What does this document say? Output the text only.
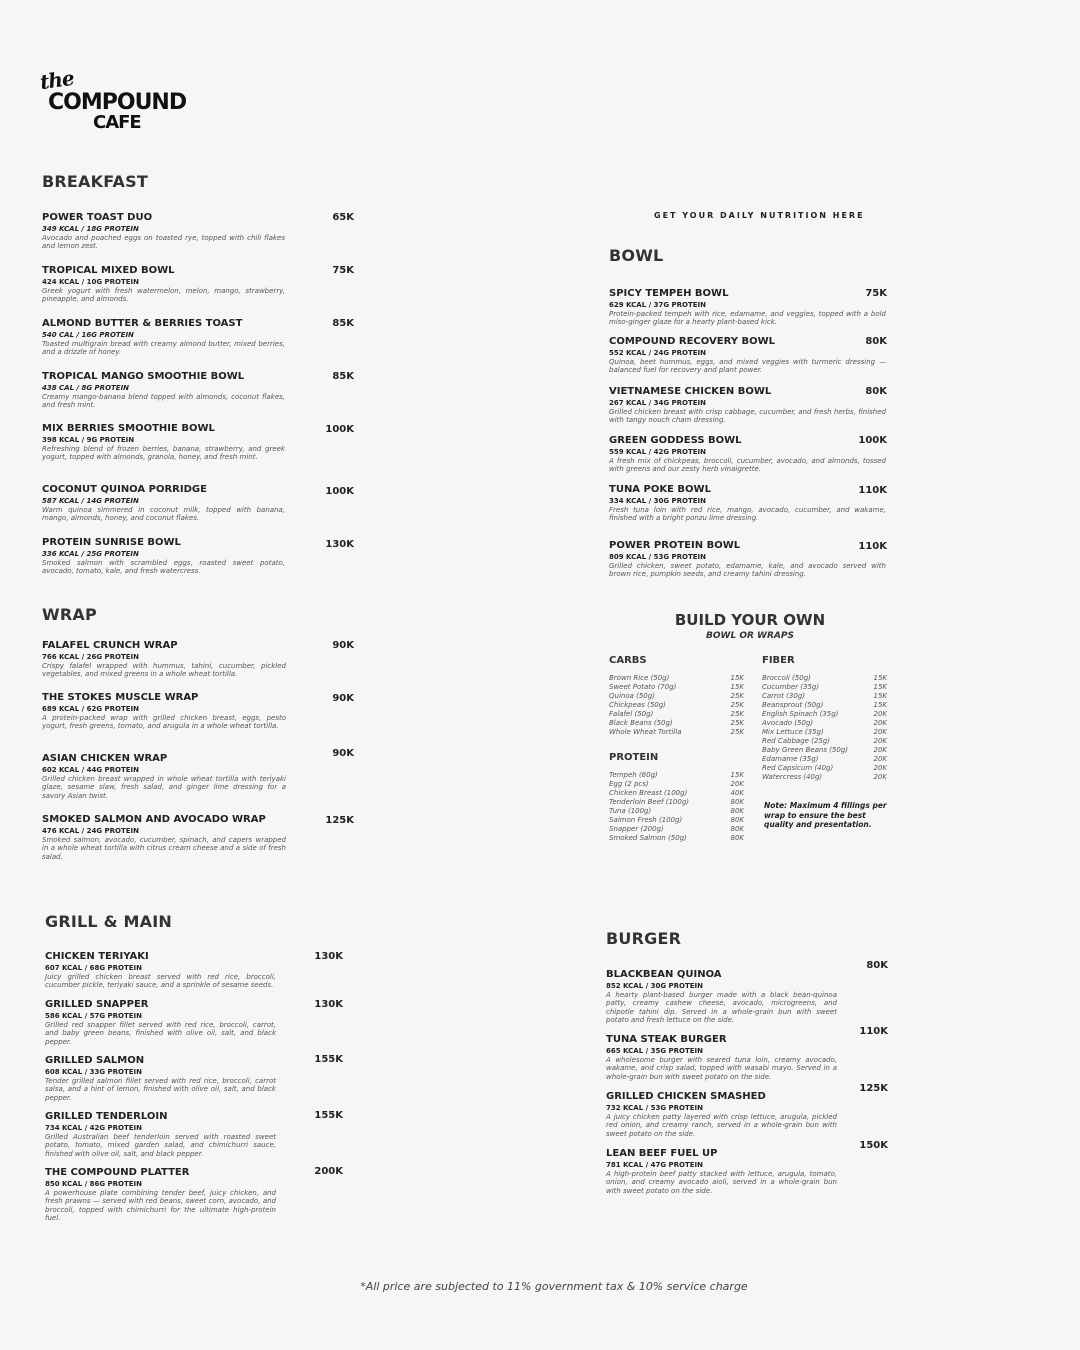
the
COMPOUND
CAFE
BREAKFAST
POWER TOAST DUO
349 KCAL / 18G PROTEIN
Avocado and poached eggs on toasted rye, topped with chili flakes and lemon zest.
65K
TROPICAL MIXED BOWL
424 KCAL / 10G PROTEIN
Greek yogurt with fresh watermelon, melon, mango, strawberry, pineapple, and almonds.
75K
ALMOND BUTTER & BERRIES TOAST
540 CAL / 16G PROTEIN
Toasted multigrain bread with creamy almond butter, mixed berries, and a drizzle of honey.
85K
TROPICAL MANGO SMOOTHIE BOWL
438 CAL / 8G PROTEIN
Creamy mango-banana blend topped with almonds, coconut flakes, and fresh mint.
85K
MIX BERRIES SMOOTHIE BOWL
398 KCAL / 9G PROTEIN
Refreshing blend of frozen berries, banana, strawberry, and greek yogurt, topped with almonds, granola, honey, and fresh mint.
100K
COCONUT QUINOA PORRIDGE
587 KCAL / 14G PROTEIN
Warm quinoa simmered in coconut milk, topped with banana, mango, almonds, honey, and coconut flakes.
100K
PROTEIN SUNRISE BOWL
336 KCAL / 25G PROTEIN
Smoked salmon with scrambled eggs, roasted sweet potato, avocado, tomato, kale, and fresh watercress.
130K
WRAP
FALAFEL CRUNCH WRAP
766 KCAL / 26G PROTEIN
Crispy falafel wrapped with hummus, tahini, cucumber, pickled vegetables, and mixed greens in a whole wheat tortilla.
90K
THE STOKES MUSCLE WRAP
689 KCAL / 62G PROTEIN
A protein-packed wrap with grilled chicken breast, eggs, pesto yogurt, fresh greens, tomato, and arugula in a whole wheat tortilla.
90K
ASIAN CHICKEN WRAP
602 KCAL / 44G PROTEIN
Grilled chicken breast wrapped in whole wheat tortilla with teriyaki glaze, sesame slaw, fresh salad, and ginger lime dressing for a savory Asian twist.
90K
SMOKED SALMON AND AVOCADO WRAP
476 KCAL / 24G PROTEIN
Smoked salmon, avocado, cucumber, spinach, and capers wrapped in a whole wheat tortilla with citrus cream cheese and a side of fresh salad.
125K
GRILL & MAIN
CHICKEN TERIYAKI
607 KCAL / 68G PROTEIN
Juicy grilled chicken breast served with red rice, broccoli, cucumber pickle, teriyaki sauce, and a sprinkle of sesame seeds.
130K
GRILLED SNAPPER
586 KCAL / 57G PROTEIN
Grilled red snapper fillet served with red rice, broccoli, carrot, and baby green beans, finished with olive oil, salt, and black pepper.
130K
GRILLED SALMON
608 KCAL / 33G PROTEIN
Tender grilled salmon fillet served with red rice, broccoli, carrot salsa, and a hint of lemon, finished with olive oil, salt, and black pepper.
155K
GRILLED TENDERLOIN
734 KCAL / 42G PROTEIN
Grilled Australian beef tenderloin served with roasted sweet potato, tomato, mixed garden salad, and chimichurri sauce, finished with olive oil, salt, and black pepper.
155K
THE COMPOUND PLATTER
850 KCAL / 86G PROTEIN
A powerhouse plate combining tender beef, juicy chicken, and fresh prawns — served with red beans, sweet corn, avocado, and broccoli, topped with chimichurri for the ultimate high-protein fuel.
200K
GET YOUR DAILY NUTRITION HERE
BOWL
SPICY TEMPEH BOWL
629 KCAL / 37G PROTEIN
Protein-packed tempeh with rice, edamame, and veggies, topped with a bold miso-ginger glaze for a hearty plant-based kick.
75K
COMPOUND RECOVERY BOWL
552 KCAL / 24G PROTEIN
Quinoa, beet hummus, eggs, and mixed veggies with turmeric dressing — balanced fuel for recovery and plant power.
80K
VIETNAMESE CHICKEN BOWL
267 KCAL / 34G PROTEIN
Grilled chicken breast with crisp cabbage, cucumber, and fresh herbs, finished with tangy nouch cham dressing.
80K
GREEN GODDESS BOWL
559 KCAL / 42G PROTEIN
A fresh mix of chickpeas, broccoli, cucumber, avocado, and almonds, tossed with greens and our zesty herb vinaigrette.
100K
TUNA POKE BOWL
334 KCAL / 30G PROTEIN
Fresh tuna loin with red rice, mango, avocado, cucumber, and wakame, finished with a bright ponzu lime dressing.
110K
POWER PROTEIN BOWL
809 KCAL / 53G PROTEIN
Grilled chicken, sweet potato, edamame, kale, and avocado served with brown rice, pumpkin seeds, and creamy tahini dressing.
110K
BUILD YOUR OWN
BOWL OR WRAPS
CARBS
Brown Rice (50g)	15K
Sweet Potato (70g)	15K
Quinoa (50g)	25K
Chickpeas (50g)	25K
Falafel (50g)	25K
Black Beans (50g)	25K
Whole Wheat Tortilla	25K
PROTEIN
Tempeh (60g)	15K
Egg (2 pcs)	20K
Chicken Breast (100g)	40K
Tenderloin Beef (100g)	80K
Tuna (100g)	80K
Salmon Fresh (100g)	80K
Snapper (200g)	80K
Smoked Salmon (50g)	80K
FIBER
Broccoli (50g)	15K
Cucumber (35g)	15K
Carrot (30g)	15K
Beansprout (50g)	15K
English Spinach (35g)	20K
Avocado (50g)	20K
Mix Lettuce (35g)	20K
Red Cabbage (25g)	20K
Baby Green Beans (50g)	20K
Edamame (35g)	20K
Red Capsicum (40g)	20K
Watercress (40g)	20K
Note: Maximum 4 fillings per wrap to ensure the best quality and presentation.
BURGER
BLACKBEAN QUINOA
852 KCAL / 30G PROTEIN
A hearty plant-based burger made with a black bean-quinoa patty, creamy cashew cheese, avocado, microgreens, and chipotle tahini dip. Served in a whole-grain bun with sweet potato and fresh lettuce on the side.
80K
TUNA STEAK BURGER
665 KCAL / 35G PROTEIN
A wholesome burger with seared tuna loin, creamy avocado, wakame, and crisp salad, topped with wasabi mayo. Served in a whole-grain bun with sweet potato on the side.
110K
GRILLED CHICKEN SMASHED
732 KCAL / 53G PROTEIN
A juicy chicken patty layered with crisp lettuce, arugula, pickled red onion, and creamy ranch, served in a whole-grain bun with sweet potato on the side.
125K
LEAN BEEF FUEL UP
781 KCAL / 47G PROTEIN
A high-protein beef patty stacked with lettuce, arugula, tomato, onion, and creamy avocado aioli, served in a whole-grain bun with sweet potato on the side.
150K
*All price are subjected to 11% government tax & 10% service charge
